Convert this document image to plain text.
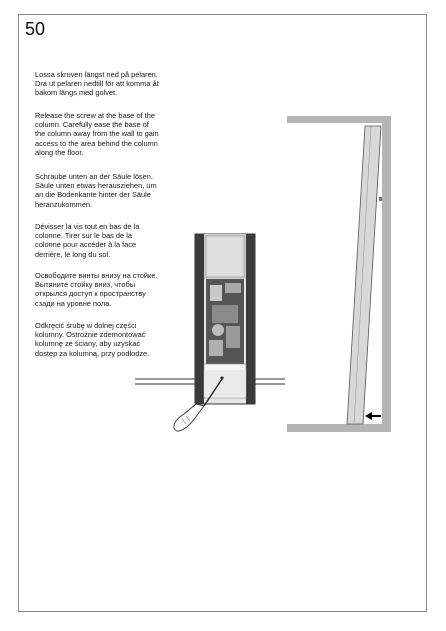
50
Lossa skruven längst ned på pelaren.
Dra ut pelaren nedtill för att komma åt
bakom längs med golvet.
Release the screw at the base of the
column. Carefully ease the base of
the column away from the wall to gain
access to the area behind the column
along the floor.
Schraube unten an der Säule lösen.
Säule unten etwas herausziehen, um
an die Bodenkante hinter der Säule
heranzukommen.
Dévisser la vis tout en bas de la
colonne. Tirer sur le bas de la
colonne pour accéder à la face
derrière, le long du sol.
Освободите винты внизу на стойке.
Вытяните стойку вниз, чтобы
открылся доступ к пространству
сзади на уровне пола.
Odkręcić śrubę w dolnej części
kolumny. Ostrożnie zdemontować
kolumnę ze ściany, aby uzyskać
dostęp za kolumną, przy podłodze.
